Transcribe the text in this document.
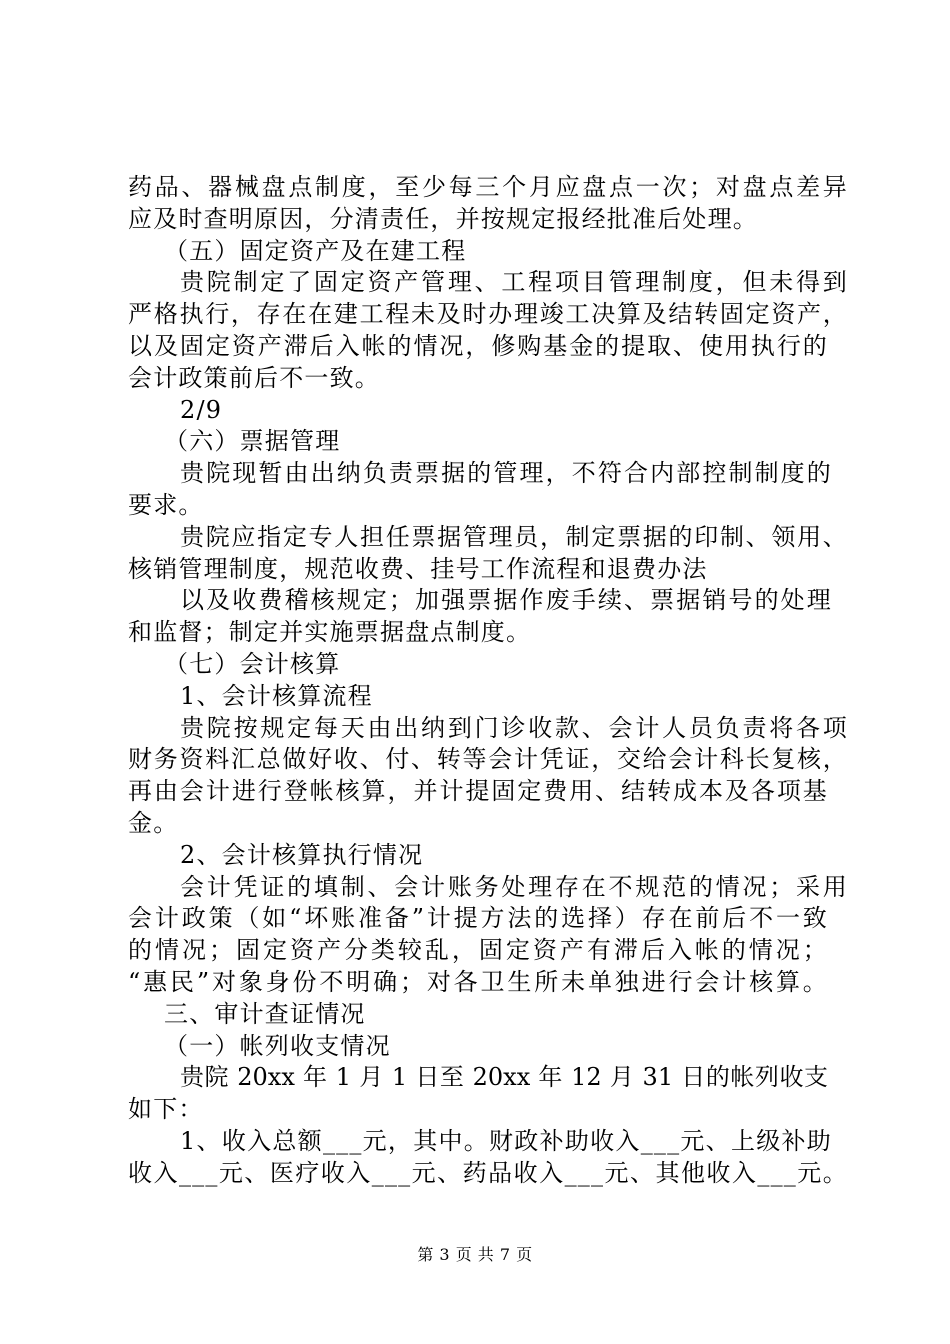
药品、器械盘点制度，至少每三个月应盘点一次；对盘点差异
应及时查明原因，分清责任，并按规定报经批准后处理。
（五）固定资产及在建工程
贵院制定了固定资产管理、工程项目管理制度，但未得到
严格执行，存在在建工程未及时办理竣工决算及结转固定资产，
以及固定资产滞后入帐的情况，修购基金的提取、使用执行的
会计政策前后不一致。
2/9
（六）票据管理
贵院现暂由出纳负责票据的管理，不符合内部控制制度的
要求。
贵院应指定专人担任票据管理员，制定票据的印制、领用、
核销管理制度，规范收费、挂号工作流程和退费办法
以及收费稽核规定；加强票据作废手续、票据销号的处理
和监督；制定并实施票据盘点制度。
（七）会计核算
1、会计核算流程
贵院按规定每天由出纳到门诊收款、会计人员负责将各项
财务资料汇总做好收、付、转等会计凭证，交给会计科长复核，
再由会计进行登帐核算，并计提固定费用、结转成本及各项基
金。
2、会计核算执行情况
会计凭证的填制、会计账务处理存在不规范的情况；采用
会计政策（如“坏账准备”计提方法的选择）存在前后不一致
的情况；固定资产分类较乱，固定资产有滞后入帐的情况；
“惠民”对象身份不明确；对各卫生所未单独进行会计核算。
三、审计查证情况
（一）帐列收支情况
贵院 20xx 年 1 月 1 日至 20xx 年 12 月 31 日的帐列收支
如下：
1、收入总额___元，其中。财政补助收入___元、上级补助
收入___元、医疗收入___元、药品收入___元、其他收入___元。
第 3 页 共 7 页
